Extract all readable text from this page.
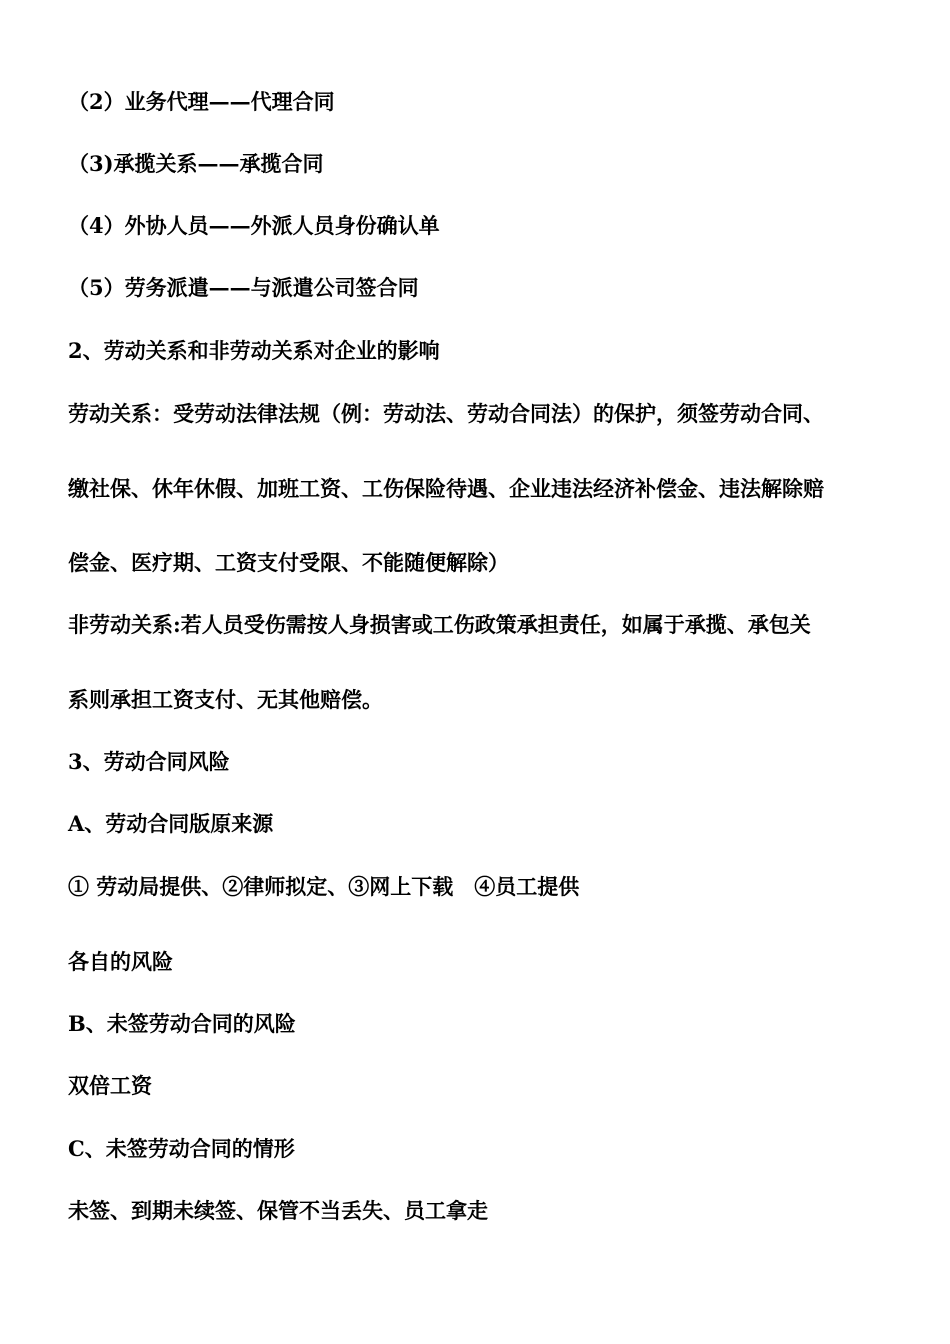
（2）业务代理——代理合同
（3)承揽关系——承揽合同
（4）外协人员——外派人员身份确认单
（5）劳务派遣——与派遣公司签合同
2、劳动关系和非劳动关系对企业的影响
劳动关系：受劳动法律法规（例：劳动法、劳动合同法）的保护，须签劳动合同、
缴社保、休年休假、加班工资、工伤保险待遇、企业违法经济补偿金、违法解除赔
偿金、医疗期、工资支付受限、不能随便解除）
非劳动关系:若人员受伤需按人身损害或工伤政策承担责任，如属于承揽、承包关
系则承担工资支付、无其他赔偿。
3、劳动合同风险
A、劳动合同版原来源
① 劳动局提供、②律师拟定、③网上下载　④员工提供
各自的风险
B、未签劳动合同的风险
双倍工资
C、未签劳动合同的情形
未签、到期未续签、保管不当丢失、员工拿走
